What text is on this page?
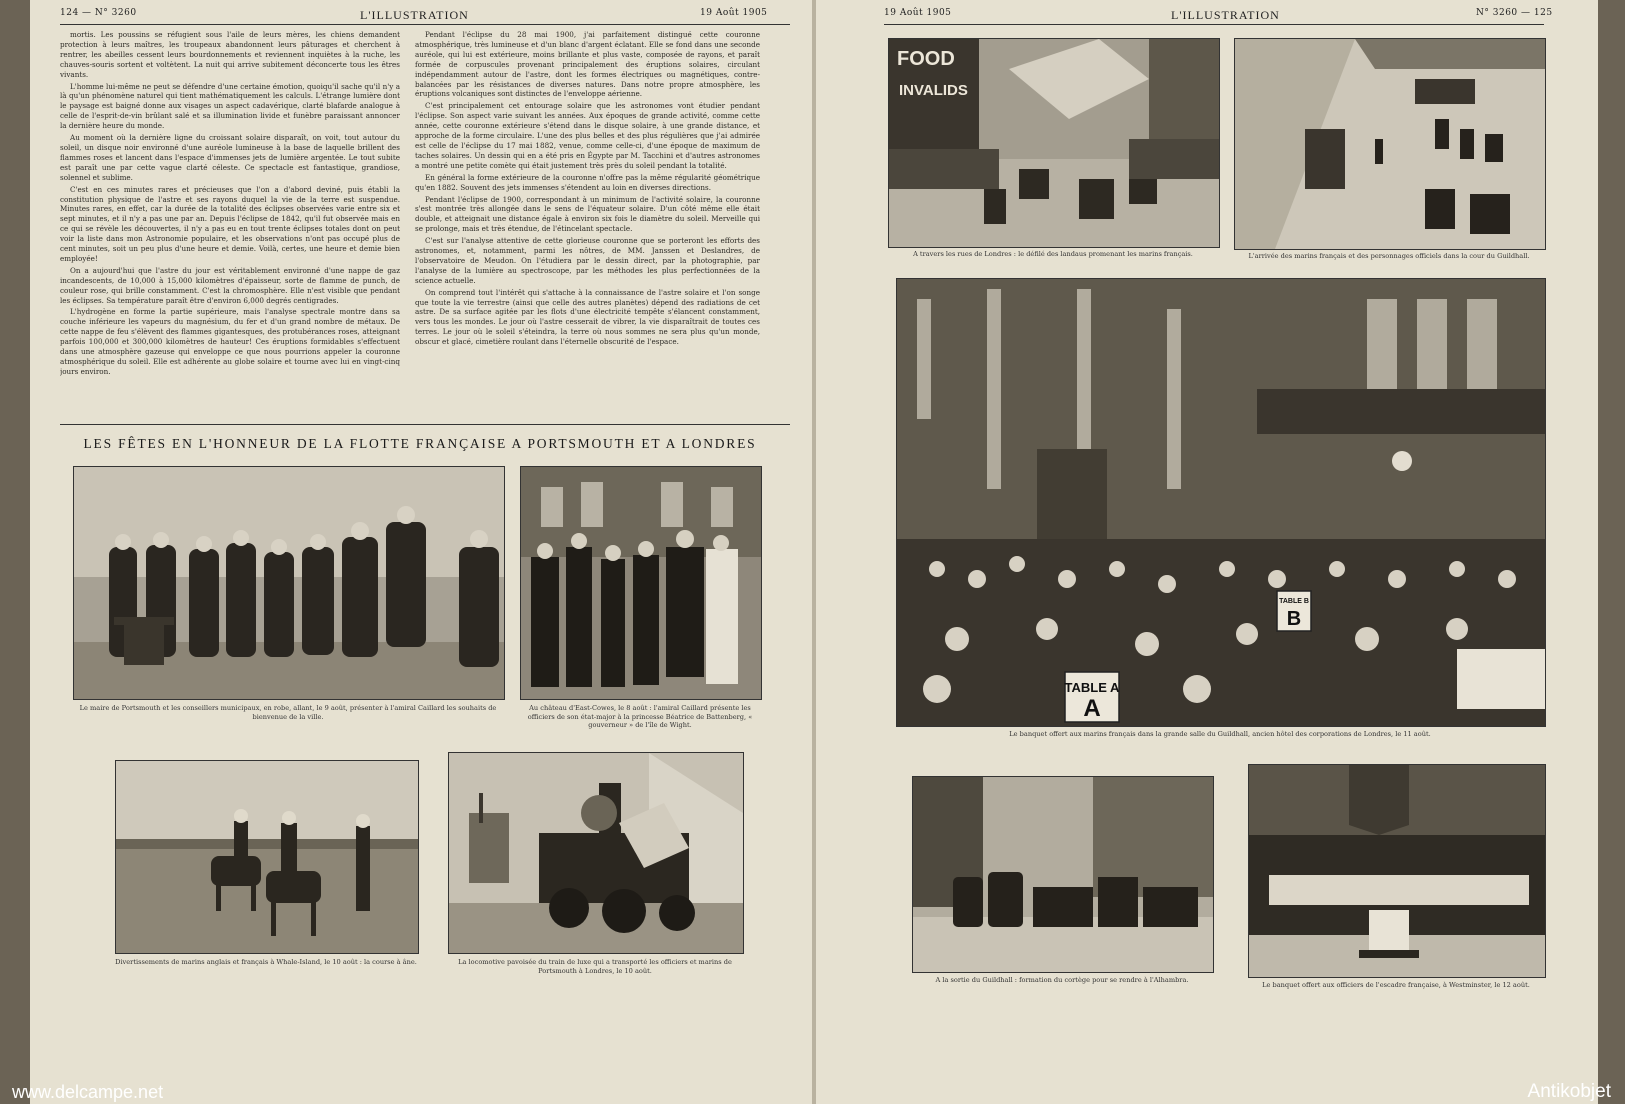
124 — N° 3260	L'ILLUSTRATION	19 Août 1905

mortis. Les poussins se réfugient sous l'aile de leurs mères, les chiens demandent protection à leurs maîtres, les troupeaux abandonnent leurs pâturages et cherchent à rentrer, les abeilles cessent leurs bourdonnements et reviennent inquiètes à la ruche, les chauves-souris sortent et voltètent. La nuit qui arrive subitement déconcerte tous les êtres vivants.

L'homme lui-même ne peut se défendre d'une certaine émotion, quoiqu'il sache qu'il n'y a là qu'un phénomène naturel qui tient mathématiquement les calculs. L'étrange lumière dont le paysage est baigné donne aux visages un aspect cadavérique, clarté blafarde analogue à celle de l'esprit-de-vin brûlant salé et sa illumination livide et funèbre paraissant annoncer la dernière heure du monde.

Au moment où la dernière ligne du croissant solaire disparaît, on voit, tout autour du soleil, un disque noir environné d'une auréole lumineuse à la base de laquelle brillent des flammes roses et lancent dans l'espace d'immenses jets de lumière argentée. Le tout subite est paraît une par cette vague clarté céleste. Ce spectacle est fantastique, grandiose, solennel et sublime.

C'est en ces minutes rares et précieuses que l'on a d'abord deviné, puis établi la constitution physique de l'astre et ses rayons duquel la vie de la terre est suspendue. Minutes rares, en effet, car la durée de la totalité des éclipses observées varie entre six et sept minutes, et il n'y a pas une par an. Depuis l'éclipse de 1842, qu'il fut observée mais en ce qui se révèle les découvertes, il n'y a pas eu en tout trente éclipses totales dont on peut voir la liste dans mon Astronomie populaire, et les observations n'ont pas occupé plus de cent minutes, soit un peu plus d'une heure et demie. Voilà, certes, une heure et demie bien employée!

On a aujourd'hui que l'astre du jour est véritablement environné d'une nappe de gaz incandescents, de 10,000 à 15,000 kilomètres d'épaisseur, sorte de flamme de punch, de couleur rose, qui brille constamment. C'est la chromosphère. Elle n'est visible que pendant les éclipses. Sa température paraît être d'environ 6,000 degrés centigrades.

L'hydrogène en forme la partie supérieure, mais l'analyse spectrale montre dans sa couche inférieure les vapeurs du magnésium, du fer et d'un grand nombre de métaux. De cette nappe de feu s'élèvent des flammes gigantesques, des protubérances roses, atteignant parfois 100,000 et 300,000 kilomètres de hauteur! Ces éruptions formidables s'effectuent dans une atmosphère gazeuse qui enveloppe ce que nous pourrions appeler la couronne atmosphérique du soleil. Elle est adhérente au globe solaire et tourne avec lui en vingt-cinq jours environ.

Pendant l'éclipse du 28 mai 1900, j'ai parfaitement distingué cette couronne atmosphérique, très lumineuse et d'un blanc d'argent éclatant. Elle se fond dans une seconde auréole, qui lui est extérieure, moins brillante et plus vaste, composée de rayons, et paraît formée de corpuscules provenant principalement des éruptions solaires, circulant indépendamment autour de l'astre, dont les formes électriques ou magnétiques, contre-balancées par les résistances de diverses natures. Dans notre propre atmosphère, les éruptions volcaniques sont distinctes de l'enveloppe aérienne.

C'est principalement cet entourage solaire que les astronomes vont étudier pendant l'éclipse. Son aspect varie suivant les années. Aux époques de grande activité, comme cette année, cette couronne extérieure s'étend dans le disque solaire, à une grande distance, et approche de la forme circulaire. L'une des plus belles et des plus régulières que j'ai admirée est celle de l'éclipse du 17 mai 1882, venue, comme celle-ci, d'une époque de maximum de taches solaires. Un dessin qui en a été pris en Égypte par M. Tacchini et d'autres astronomes a montré une petite comète qui était justement très près du soleil pendant la totalité.

En général la forme extérieure de la couronne n'offre pas la même régularité géométrique qu'en 1882. Souvent des jets immenses s'étendent au loin en diverses directions.

Pendant l'éclipse de 1900, correspondant à un minimum de l'activité solaire, la couronne s'est montrée très allongée dans le sens de l'équateur solaire. D'un côté même elle était double, et atteignait une distance égale à environ six fois le diamètre du soleil. Merveille qui se prolonge, mais et très étendue, de l'étincelant spectacle.

C'est sur l'analyse attentive de cette glorieuse couronne que se porteront les efforts des astronomes, et, notamment, parmi les nôtres, de MM. Janssen et Deslandres, de l'observatoire de Meudon. On l'étudiera par le dessin direct, par la photographie, par l'analyse de la lumière au spectroscope, par les méthodes les plus perfectionnées de la science actuelle.

On comprend tout l'intérêt qui s'attache à la connaissance de l'astre solaire et l'on songe que toute la vie terrestre (ainsi que celle des autres planètes) dépend des radiations de cet astre. De sa surface agitée par les flots d'une électricité tempête s'élancent constamment, vers tous les mondes. Le jour où l'astre cesserait de vibrer, la vie disparaîtrait de toutes ces terres. Le jour où le soleil s'éteindra, la terre où nous sommes ne sera plus qu'un monde, obscur et glacé, cimetière roulant dans l'éternelle obscurité de l'espace.

LES FÊTES EN L'HONNEUR DE LA FLOTTE FRANÇAISE A PORTSMOUTH ET A LONDRES
Le maire de Portsmouth et les conseillers municipaux, en robe, allant, le 9 août, présenter à l'amiral Caillard les souhaits de bienvenue de la ville.
Au château d'East-Cowes, le 8 août : l'amiral Caillard présente les officiers de son état-major à la princesse Béatrice de Battenberg, « gouverneur » de l'île de Wight.
Divertissements de marins anglais et français à Whale-Island, le 10 août : la course à âne.	La locomotive pavoisée du train de luxe qui a transporté les officiers et marins de Portsmouth à Londres, le 10 août.
19 Août 1905	L'ILLUSTRATION	N° 3260 — 125
FOOD
INVALIDS
A travers les rues de Londres : le défilé des landaus promenant les marins français.	L'arrivée des marins français et des personnages officiels dans la cour du Guildhall.
TABLE A
A
TABLE B
B
Le banquet offert aux marins français dans la grande salle du Guildhall, ancien hôtel des corporations de Londres, le 11 août.
A la sortie du Guildhall : formation du cortège pour se rendre à l'Alhambra.
Le banquet offert aux officiers de l'escadre française, à Westminster, le 12 août.
www.delcampe.net	Antikobjet
